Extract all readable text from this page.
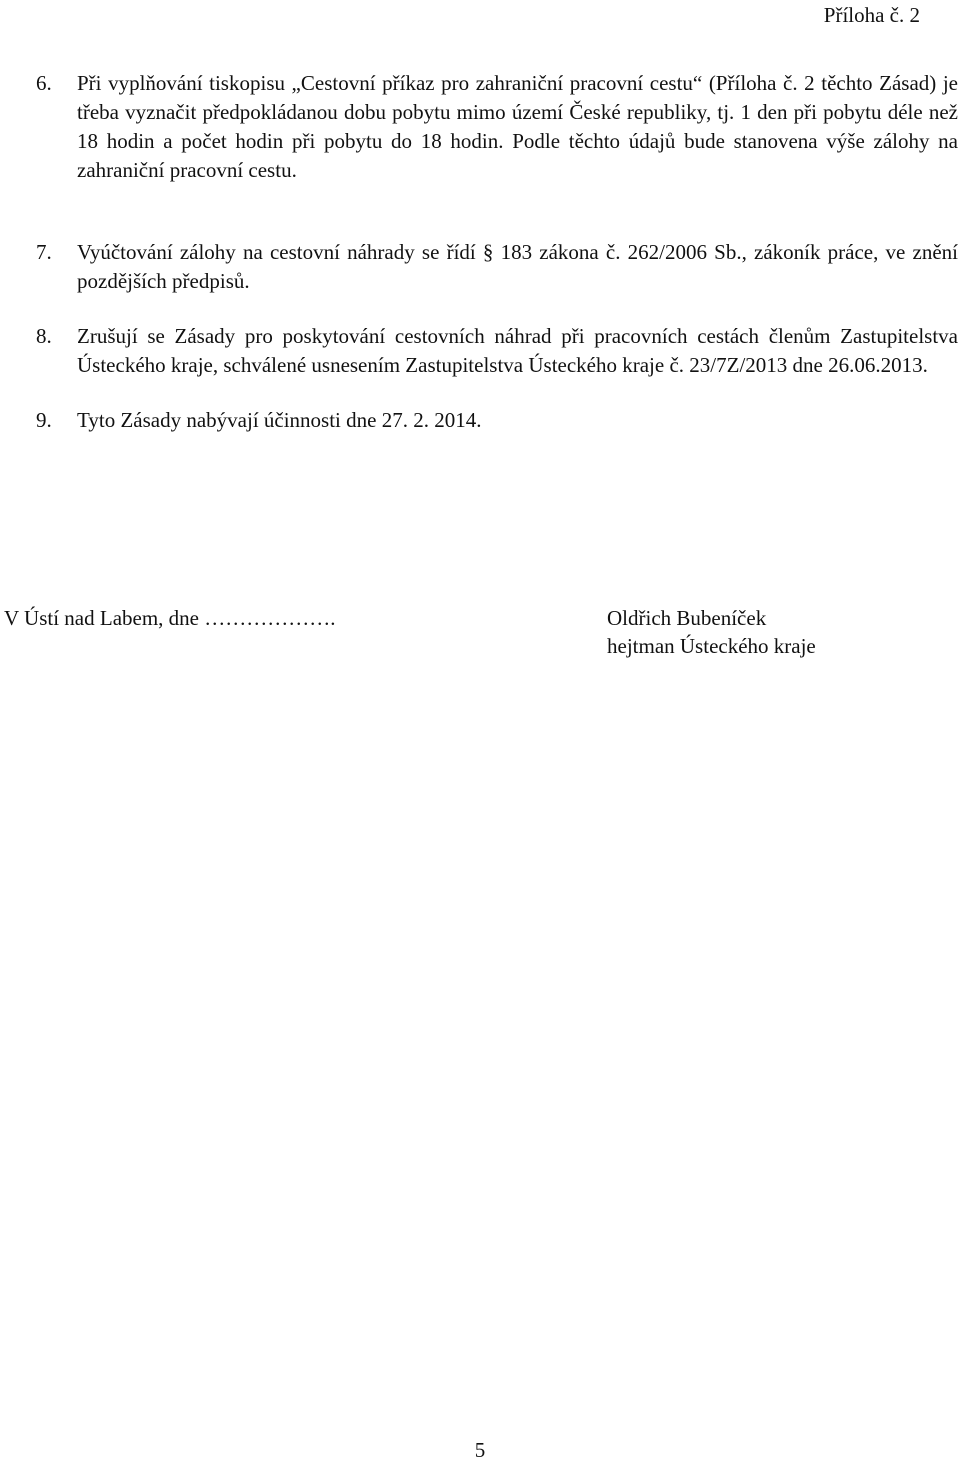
Příloha č. 2
6.	Při vyplňování tiskopisu „Cestovní příkaz pro zahraniční pracovní cestu“ (Příloha č. 2 těchto Zásad) je třeba vyznačit předpokládanou dobu pobytu mimo území České republiky, tj. 1 den při pobytu déle než 18 hodin a počet hodin při pobytu do 18 hodin. Podle těchto údajů bude stanovena výše zálohy na zahraniční pracovní cestu.
7.	Vyúčtování zálohy na cestovní náhrady se řídí § 183 zákona č. 262/2006 Sb., zákoník práce, ve znění pozdějších předpisů.
8.	Zrušují se Zásady pro poskytování cestovních náhrad při pracovních cestách členům Zastupitelstva Ústeckého kraje, schválené usnesením Zastupitelstva Ústeckého kraje č. 23/7Z/2013 dne 26.06.2013.
9.	Tyto Zásady nabývají účinnosti dne 27. 2. 2014.
V Ústí nad Labem, dne ……………….	Oldřich Bubeníček
hejtman Ústeckého kraje
5
